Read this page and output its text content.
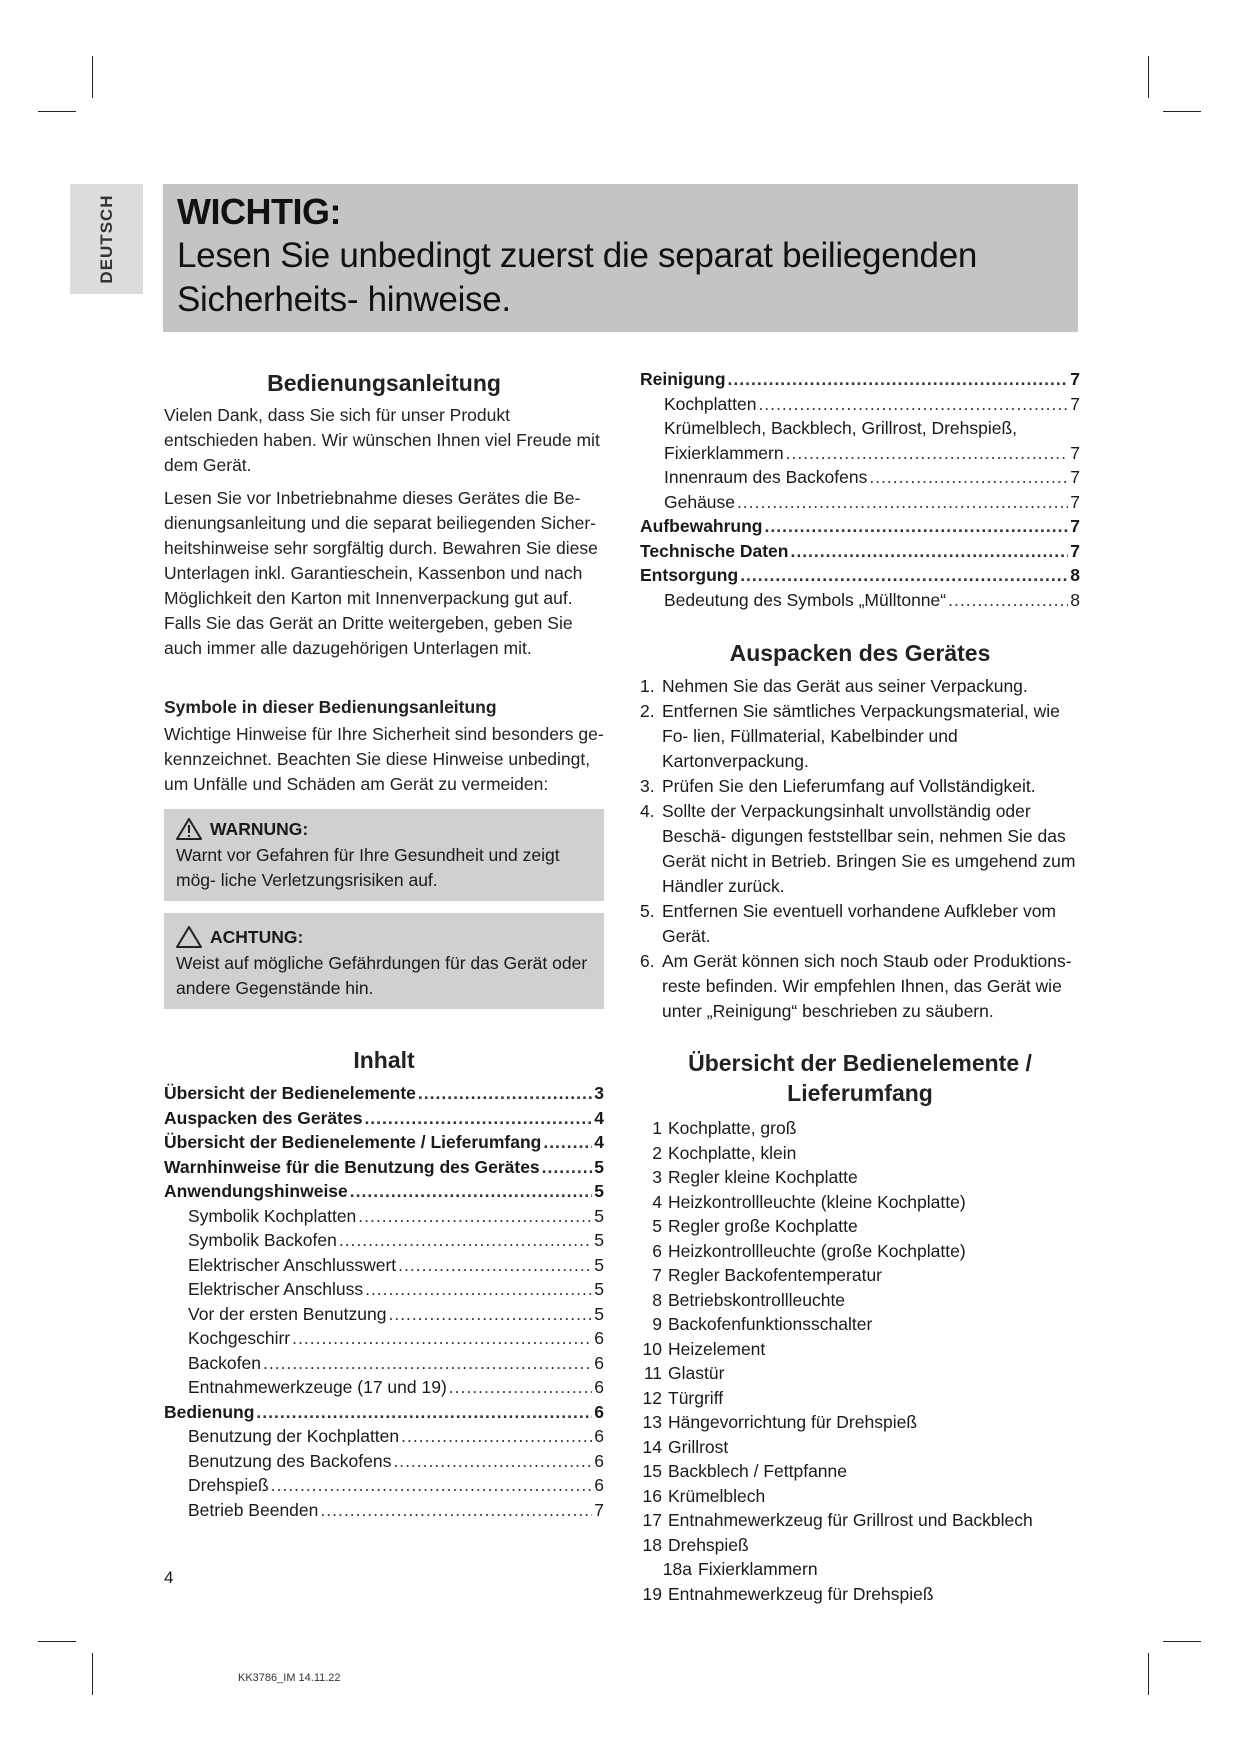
DEUTSCH WICHTIG:
Lesen Sie unbedingt zuerst die separat beiliegenden Sicherheits- hinweise.
Bedienungsanleitung
Vielen Dank, dass Sie sich für unser Produkt entschieden haben. Wir wünschen Ihnen viel Freude mit dem Gerät.
Lesen Sie vor Inbetriebnahme dieses Gerätes die Be- dienungsanleitung und die separat beiliegenden Sicher- heitshinweise sehr sorgfältig durch. Bewahren Sie diese Unterlagen inkl. Garantieschein, Kassenbon und nach Möglichkeit den Karton mit Innenverpackung gut auf. Falls Sie das Gerät an Dritte weitergeben, geben Sie auch immer alle dazugehörigen Unterlagen mit.
Symbole in dieser Bedienungsanleitung
Wichtige Hinweise für Ihre Sicherheit sind besonders ge- kennzeichnet. Beachten Sie diese Hinweise unbedingt, um Unfälle und Schäden am Gerät zu vermeiden:
WARNUNG:
Warnt vor Gefahren für Ihre Gesundheit und zeigt mög- liche Verletzungsrisiken auf.
ACHTUNG:
Weist auf mögliche Gefährdungen für das Gerät oder andere Gegenstände hin.
Inhalt
Übersicht der Bedienelemente .....	3
Auspacken des Gerätes .....	4
Übersicht der Bedienelemente / Lieferumfang .....	4
Warnhinweise für die Benutzung des Gerätes .....	5
Anwendungshinweise .....	5
Symbolik Kochplatten .....	5
Symbolik Backofen .....	5
Elektrischer Anschlusswert .....	5
Elektrischer Anschluss .....	5
Vor der ersten Benutzung .....	5
Kochgeschirr .....	6
Backofen .....	6
Entnahmewerkzeuge (17 und 19) .....	6
Bedienung .....	6
Benutzung der Kochplatten .....	6
Benutzung des Backofens .....	6
Drehspieß .....	6
Betrieb Beenden .....	7
Reinigung .....	7
Kochplatten .....	7
Krümelblech, Backblech, Grillrost, Drehspieß,
Fixierklammern .....	7
Innenraum des Backofens .....	7
Gehäuse .....	7
Aufbewahrung .....	7
Technische Daten .....	7
Entsorgung .....	8
Bedeutung des Symbols „Mülltonne“ .....	8
Auspacken des Gerätes
1. Nehmen Sie das Gerät aus seiner Verpackung.
2. Entfernen Sie sämtliches Verpackungsmaterial, wie Fo- lien, Füllmaterial, Kabelbinder und Kartonverpackung.
3. Prüfen Sie den Lieferumfang auf Vollständigkeit.
4. Sollte der Verpackungsinhalt unvollständig oder Beschä- digungen feststellbar sein, nehmen Sie das Gerät nicht in Betrieb. Bringen Sie es umgehend zum Händler zurück.
5. Entfernen Sie eventuell vorhandene Aufkleber vom Gerät.
6. Am Gerät können sich noch Staub oder Produktions- reste befinden. Wir empfehlen Ihnen, das Gerät wie unter „Reinigung“ beschrieben zu säubern.
Übersicht der Bedienelemente /
Lieferumfang
1 Kochplatte, groß
2 Kochplatte, klein
3 Regler kleine Kochplatte
4 Heizkontrollleuchte (kleine Kochplatte)
5 Regler große Kochplatte
6 Heizkontrollleuchte (große Kochplatte)
7 Regler Backofentemperatur
8 Betriebskontrollleuchte
9 Backofenfunktionsschalter
10 Heizelement
11 Glastür
12 Türgriff
13 Hängevorrichtung für Drehspieß
14 Grillrost
15 Backblech / Fettpfanne
16 Krümelblech
17 Entnahmewerkzeug für Grillrost und Backblech
18 Drehspieß
18a Fixierklammern
19 Entnahmewerkzeug für Drehspieß
4
KK3786_IM 14.11.22
